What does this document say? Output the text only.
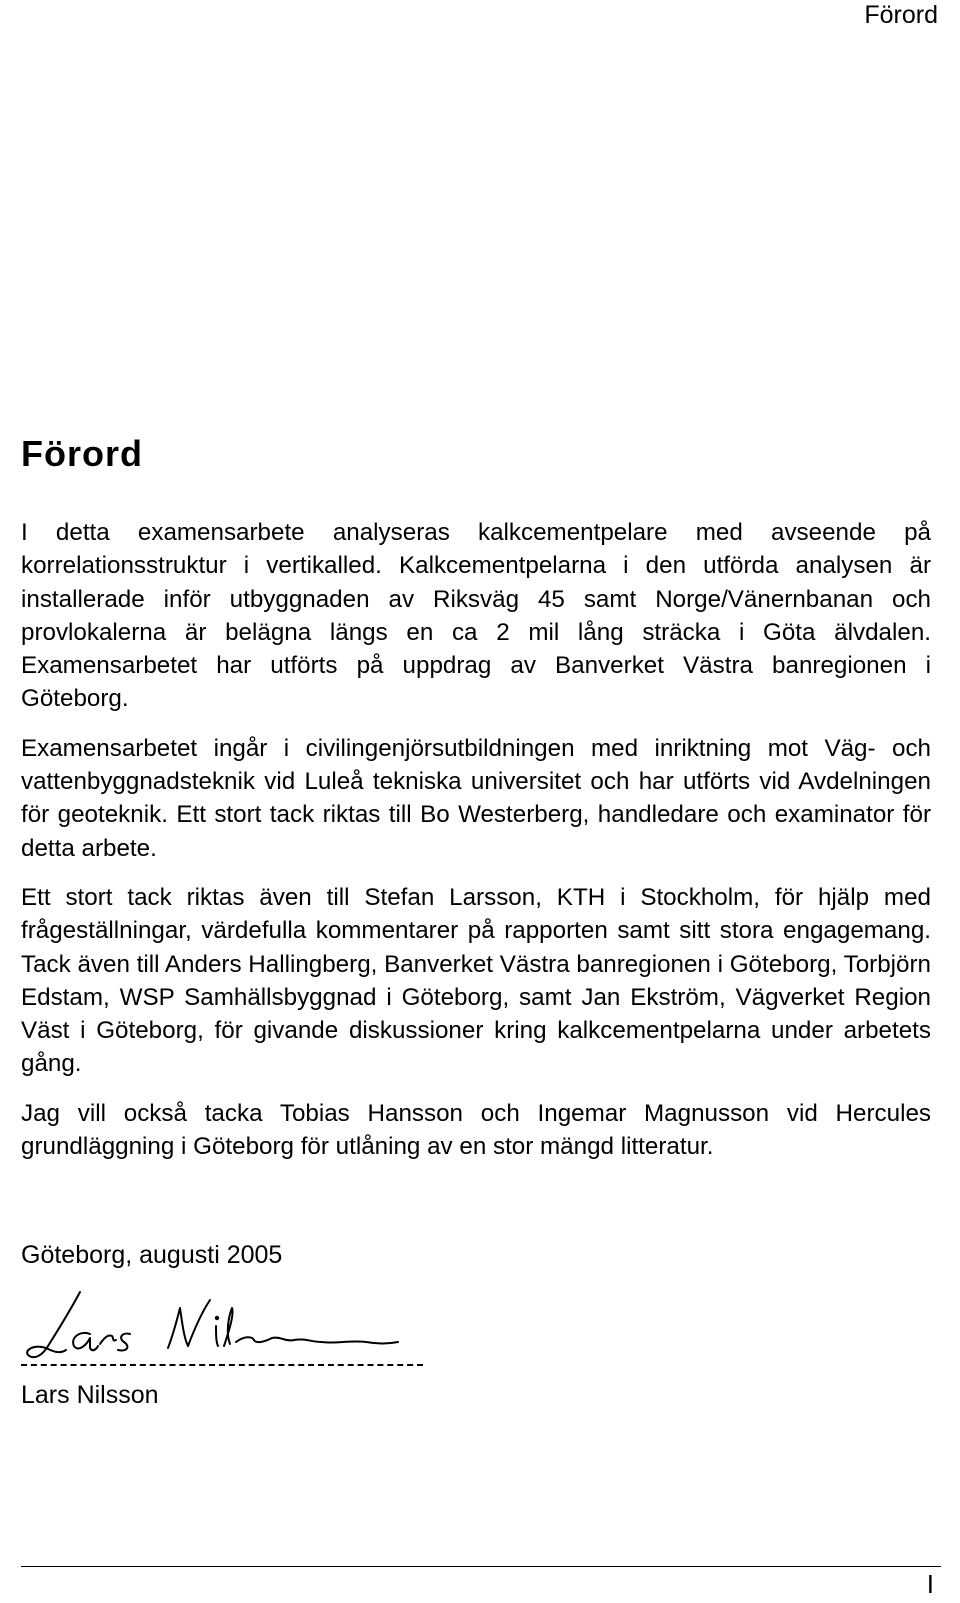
Förord
Förord

I detta examensarbete analyseras kalkcementpelare med avseende på korrelationsstruktur i vertikalled. Kalkcementpelarna i den utförda analysen är installerade inför utbyggnaden av Riksväg 45 samt Norge/Vänernbanan och provlokalerna är belägna längs en ca 2 mil lång sträcka i Göta älvdalen. Examensarbetet har utförts på uppdrag av Banverket Västra banregionen i Göteborg.

Examensarbetet ingår i civilingenjörsutbildningen med inriktning mot Väg- och vattenbyggnadsteknik vid Luleå tekniska universitet och har utförts vid Avdelningen för geoteknik. Ett stort tack riktas till Bo Westerberg, handledare och examinator för detta arbete.

Ett stort tack riktas även till Stefan Larsson, KTH i Stockholm, för hjälp med frågeställningar, värdefulla kommentarer på rapporten samt sitt stora engagemang. Tack även till Anders Hallingberg, Banverket Västra banregionen i Göteborg, Torbjörn Edstam, WSP Samhällsbyggnad i Göteborg, samt Jan Ekström, Vägverket Region Väst i Göteborg, för givande diskussioner kring kalkcementpelarna under arbetets gång.

Jag vill också tacka Tobias Hansson och Ingemar Magnusson vid Hercules grundläggning i Göteborg för utlåning av en stor mängd litteratur.

Göteborg, augusti 2005
Lars Nilsson
I
